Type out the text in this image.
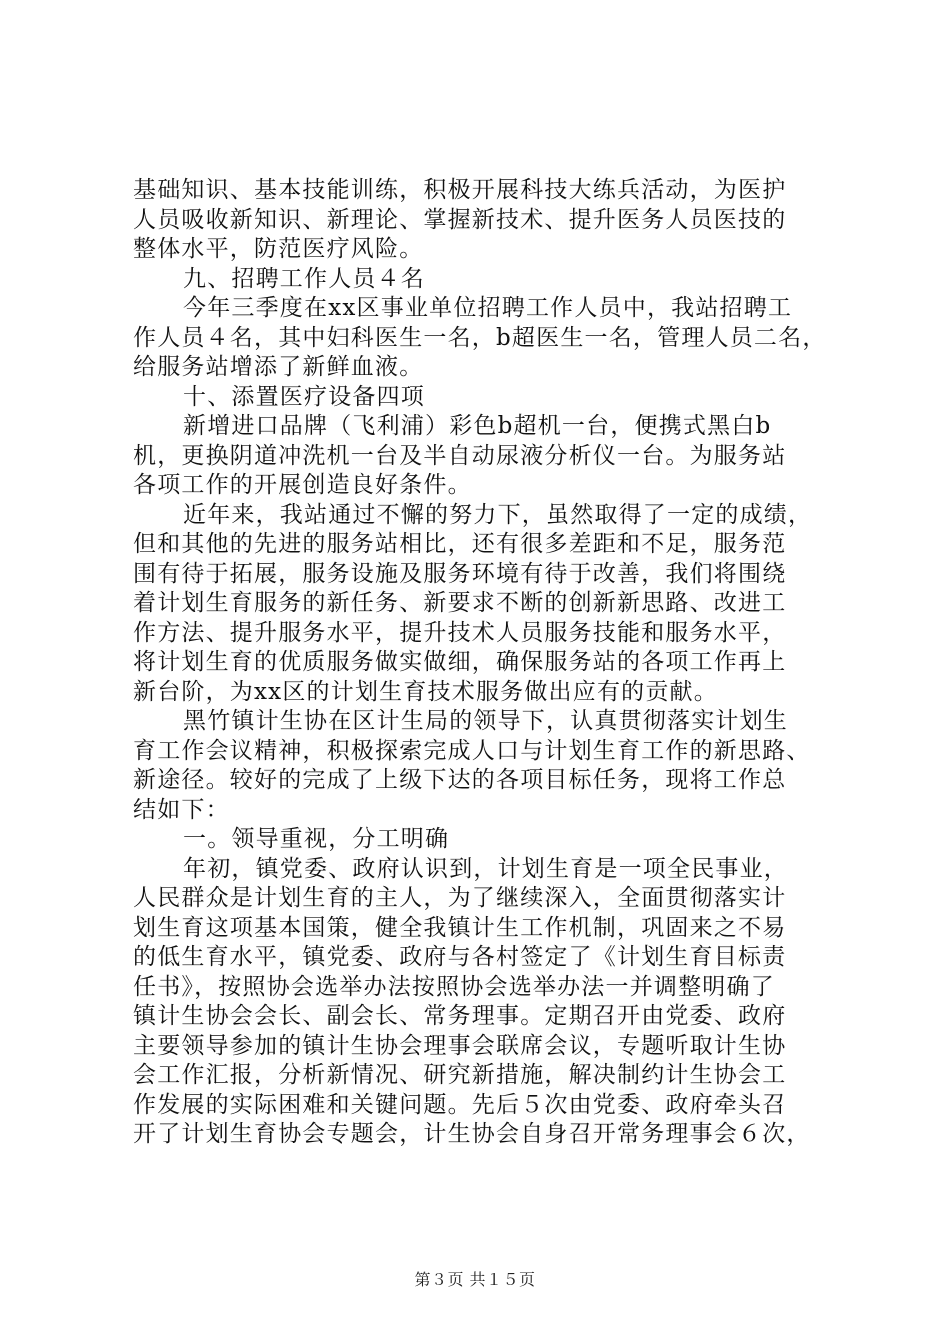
基础知识、基本技能训练，积极开展科技大练兵活动，为医护
人员吸收新知识、新理论、掌握新技术、提升医务人员医技的
整体水平，防范医疗风险。
九、招聘工作人员４名
今年三季度在xx区事业单位招聘工作人员中，我站招聘工
作人员４名，其中妇科医生一名，b超医生一名，管理人员二名，
给服务站增添了新鲜血液。
十、添置医疗设备四项
新增进口品牌（飞利浦）彩色b超机一台，便携式黑白b
机，更换阴道冲洗机一台及半自动尿液分析仪一台。为服务站
各项工作的开展创造良好条件。
近年来，我站通过不懈的努力下，虽然取得了一定的成绩，
但和其他的先进的服务站相比，还有很多差距和不足，服务范
围有待于拓展，服务设施及服务环境有待于改善，我们将围绕
着计划生育服务的新任务、新要求不断的创新新思路、改进工
作方法、提升服务水平，提升技术人员服务技能和服务水平，
将计划生育的优质服务做实做细，确保服务站的各项工作再上
新台阶，为xx区的计划生育技术服务做出应有的贡献。
黑竹镇计生协在区计生局的领导下，认真贯彻落实计划生
育工作会议精神，积极探索完成人口与计划生育工作的新思路、
新途径。较好的完成了上级下达的各项目标任务，现将工作总
结如下：
一。领导重视，分工明确
年初，镇党委、政府认识到，计划生育是一项全民事业，
人民群众是计划生育的主人，为了继续深入，全面贯彻落实计
划生育这项基本国策，健全我镇计生工作机制，巩固来之不易
的低生育水平，镇党委、政府与各村签定了《计划生育目标责
任书》，按照协会选举办法按照协会选举办法一并调整明确了
镇计生协会会长、副会长、常务理事。定期召开由党委、政府
主要领导参加的镇计生协会理事会联席会议，专题听取计生协
会工作汇报，分析新情况、研究新措施，解决制约计生协会工
作发展的实际困难和关键问题。先后５次由党委、政府牵头召
开了计划生育协会专题会，计生协会自身召开常务理事会６次，
第３页 共１５页
